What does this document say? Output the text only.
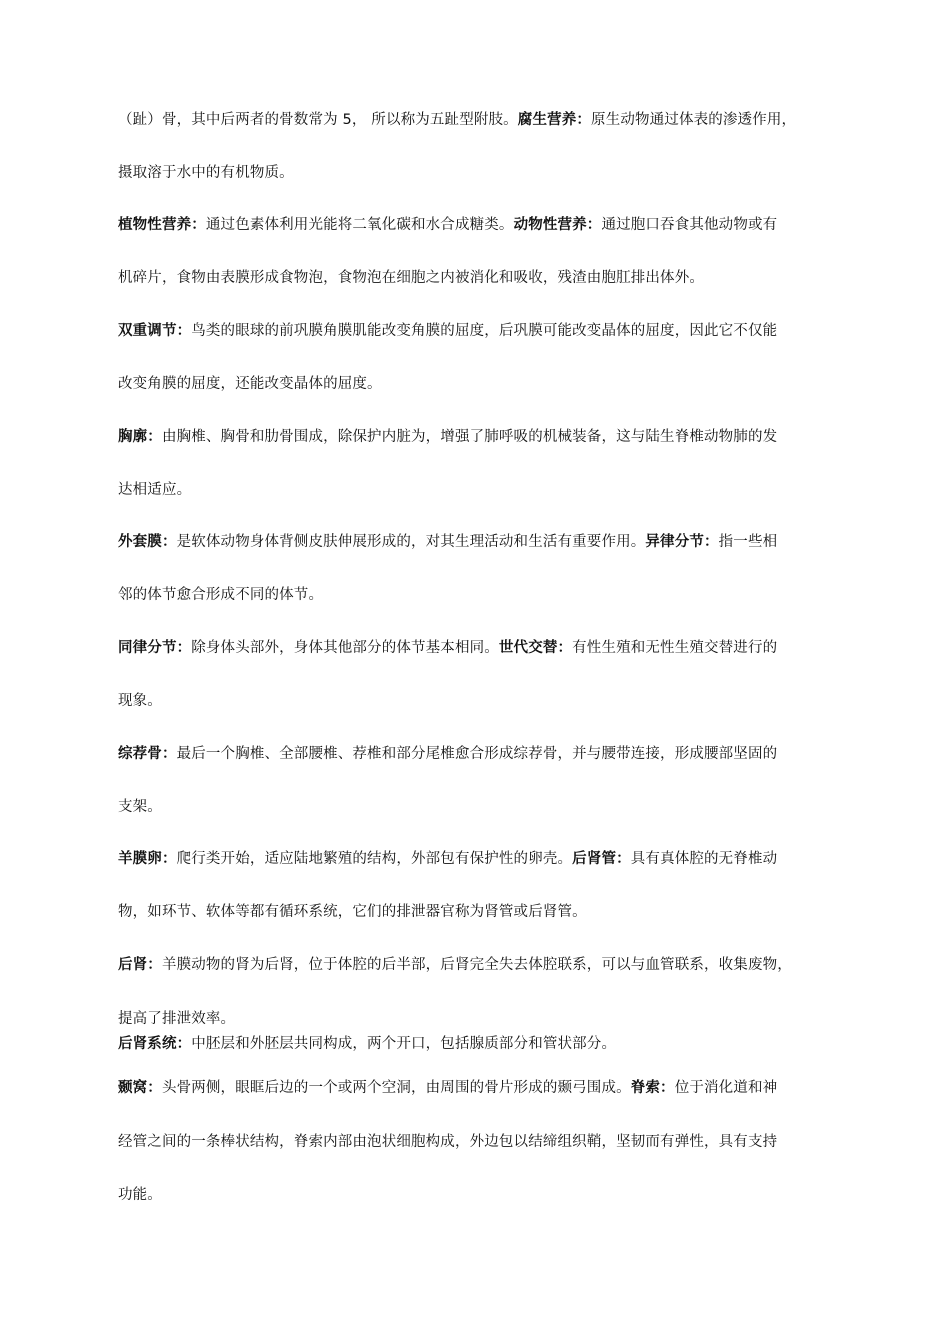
（趾）骨，其中后两者的骨数常为 5， 所以称为五趾型附肢。腐生营养：原生动物通过体表的渗透作用，
摄取溶于水中的有机物质。
植物性营养：通过色素体利用光能将二氧化碳和水合成糖类。动物性营养：通过胞口吞食其他动物或有
机碎片，食物由表膜形成食物泡，食物泡在细胞之内被消化和吸收，残渣由胞肛排出体外。
双重调节：鸟类的眼球的前巩膜角膜肌能改变角膜的屈度，后巩膜可能改变晶体的屈度，因此它不仅能
改变角膜的屈度，还能改变晶体的屈度。
胸廓：由胸椎、胸骨和肋骨围成，除保护内脏为，增强了肺呼吸的机械装备，这与陆生脊椎动物肺的发
达相适应。
外套膜：是软体动物身体背侧皮肤伸展形成的，对其生理活动和生活有重要作用。异律分节：指一些相
邻的体节愈合形成不同的体节。
同律分节：除身体头部外，身体其他部分的体节基本相同。世代交替：有性生殖和无性生殖交替进行的
现象。
综荐骨：最后一个胸椎、全部腰椎、荐椎和部分尾椎愈合形成综荐骨，并与腰带连接，形成腰部坚固的
支架。
羊膜卵：爬行类开始，适应陆地繁殖的结构，外部包有保护性的卵壳。后肾管：具有真体腔的无脊椎动
物，如环节、软体等都有循环系统，它们的排泄器官称为肾管或后肾管。
后肾：羊膜动物的肾为后肾，位于体腔的后半部，后肾完全失去体腔联系，可以与血管联系，收集废物，
提高了排泄效率。
后肾系统：中胚层和外胚层共同构成，两个开口，包括腺质部分和管状部分。
颞窝：头骨两侧，眼眶后边的一个或两个空洞，由周围的骨片形成的颞弓围成。脊索：位于消化道和神
经管之间的一条棒状结构，脊索内部由泡状细胞构成，外边包以结缔组织鞘，坚韧而有弹性，具有支持
功能。
